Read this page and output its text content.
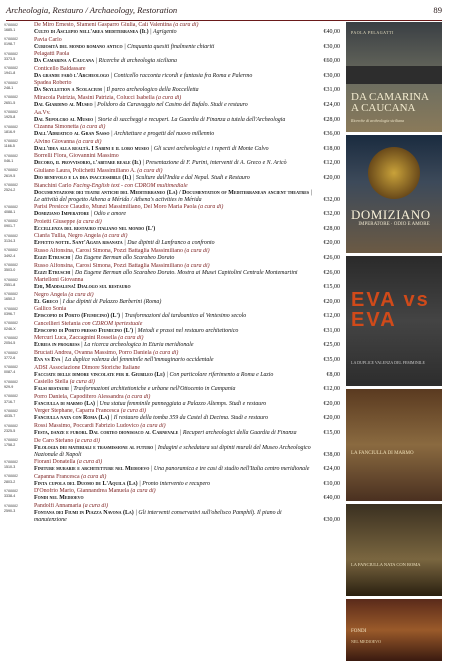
Archeologia, Restauro / Archaeology, Restoration	89
9788882
1685-1
De Miro Ernesto, Sfameni Gasparro Giulia, Calì Valentina (a cura di)
Culto di Asclepio nell'area mediterranea (Il) | Agrigento	€40,00
9788882
0198-7
Pavia Carlo
Curiosità del mondo romano antico | Cinquanta quesiti finalmente chiariti	€30,00
9788882
3373-5
Pelagatti Paola
Da Camarina a Caucana | Ricerche di archeologia siciliana	€60,00
9788882
1941-8
Conticello Baldassare
Da grande farò l'Archeologo | Conticello racconta ricordi e fantasia fra Roma e Palermo	€30,00
9788882
248-1
Spadea Roberto
Da Skylletion a Scolacium | Il parco archeologico della Roccelletta	€31,00
9788882
2651-5
Miracola Patrizia, Masini Patrizia, Colucci Isabella (a cura di)
Dal Giardino al Museo | Polidoro da Caravaggio nel Casino del Bufalo. Studi e restauro	€24,00
9788882
1925-8
Aa.Vv.
Dal Sepolcro al Museo | Storie di saccheggi e recuperi. La Guardia di Finanza a tutela dell'Archeologia	€28,00
9788882
1816-9
Cizanna Simonetta (a cura di)
Dall'Adriatico al Gran Sasso | Architetture e progetti del nuovo millennio	€36,00
9788882
1166-5
Alvino Giovanna (a cura di)
Dall'idea alla realtà. I Sabini e il loro museo | Gli scavi archeologici e i reperti di Monte Calvo	€18,00
9788882
046-1
Borrelli Flora, Giovannini Massimo
Decoro, il provvisorio, l'abitare reale (Il) | Presentazione di F. Purini, interventi di A. Greco e N. Aricò	€12,00
9788882
2619-5
Giuliano Laura, Polichetti Massimiliano A. (a cura di)
Dio benevolo e la dea inaccessibile (Il) | Sculture dall'India e dal Nepal. Studi e Restauro	€20,00
9788882
2524-2
Bianchini Carlo Facing-English text - con CDROM multimediale
Documentazione dei teatri antichi del Mediterraneo (La) / Documentation of Mediterranean ancient theatres | Le attività del progetto Athena a Mérida / Athena's activities in Mérida	€32,00
9788882
4088-1
Parisi Presicce Claudio, Munzi Massimiliano, Del Moro Maria Paola (a cura di)
Domiziano Imperatore | Odio e amore	€32,00
9788882
0901-7
Proietti Giuseppe (a cura di)
Eccellenza del restauro italiano nel mondo (L')	€28,00
9788882
3134-3
Cianfa Tullia, Negro Angela (a cura di)
Effetto notte. Sant'Agata risanata | Due dipinti di Lanfranco a confronto	€20,00
9788882
3492-4
Russo Alfonsina, Carosi Simona, Pozzi Battaglia Massimiliano (a cura di)
Egizi Etruschi | Da Eugene Berman allo Scarabeo Dorato	€26,00
9788882
3503-0
Russo Alfonsina, Carosi Simona, Pozzi Battaglia Massimiliano (a cura di)
Egizi Etruschi | Da Eugene Berman allo Scarabeo Dorato. Mostra ai Musei Capitolini Centrale Montemartini	€26,00
9788882
2551-8
Martelloni Giovanna
Ehi, Maddalena! Dialogo sul restauro	€15,00
9788882
1650-2
Negro Angela (a cura di)
El Greco | I due dipinti di Palazzo Barberini (Roma)	€20,00
9788882
0396-7
Gallico Sonia
Episcopio di Porto (Fiumicino) (L') | Trasformazioni dal tardoantico al Ventesimo secolo	€12,00
9788882
0246-X
Cancellieri Stefania con CDROM ipertestuale
Episcopio di Porto presso Fiumicino (L') | Metodi e prassi nel restauro architettonico	€31,00
9788882
2054-5
Mercuri Luca, Zaccagnini Rossella (a cura di)
Eubeia in progress | La ricerca archeologica in Eturia meridionale	€25,00
9788882
3772-6
Brucìati Andrea, Ovanna Massimo, Porro Daniela (a cura di)
Eva vs Eva | La duplice valenza del femminile nell'immaginario occidentale	€35,00
9788882
0087-4
ADSI Associazione Dimore Storiche Italiane
Facciate delle dimore vincolate per il Giubileo (Le) | Con particolare riferimento a Roma e Lazio	€8,00
9788882
929-9
Casiello Stella (a cura di)
Falsi restauri | Trasformazioni architettoniche e urbane nell'Ottocento in Campania	€12,00
9788882
3716-7
Porro Daniela, Capodifero Alessandra (a cura di)
Fanciulla di marmo (La) | Una statua femminile panneggiata a Palazzo Altemps. Studi e restauro	€20,00
9788882
4035-7
Verger Stephane, Caparra Francesca (a cura di)
Fanciulla nata con Roma (La) | Il restauro della tomba 359 da Castel di Decima. Studi e restauro	€20,00
9788882
2325-5
Rossi Massimo, Poccardi Fabrizio Ludovico (a cura di)
Festa, danze e furori. Dal corteo dionisiaco al Carnevale | Recuperi archeologici della Guardia di Finanza	€15,00
9788882
1758-2
De Caro Stefano (a cura di)
Filologia dei materiali e trasmissione al futuro | Indagini e schedatura sui dipinti murali del Museo Archeologico Nazionale di Napoli	€38,00
9788882
1510-3
Fiorani Donatella (a cura di)
Finiture murarie e architetture nel Medioevo | Una panoramica e tre casi di studio nell'Italia centro meridionale	€24,00
9788882
2803-2
Capanna Francesca (a cura di)
Finta cupola del Duomo de L'Aquila (La) | Pronto intervento e recupero	€10,00
9788882
3338-4
D'Onofrio Mario, Giannandrea Manuela (a cura di)
Fondi nel Medioevo	€40,00
9788882
2590-3
Pandolfi Annamaria (a cura di)
Fontana dei Fiumi in Piazza Navona (La) | Gli interventi conservativi sull'obelisco Pamphilj. Il piano di manutenzione	€30,00
PAOLA PELAGATTI
DA CAMARINA A CAUCANA
Ricerche di archeologia siciliana
DOMIZIANO
IMPERATORE · ODIO E AMORE
EVA vs EVA
LA DUPLICE VALENZA DEL FEMMINILE
LA FANCIULLA DI MARMO
LA FANCIULLA NATA CON ROMA
FONDI
NEL MEDIOEVO
